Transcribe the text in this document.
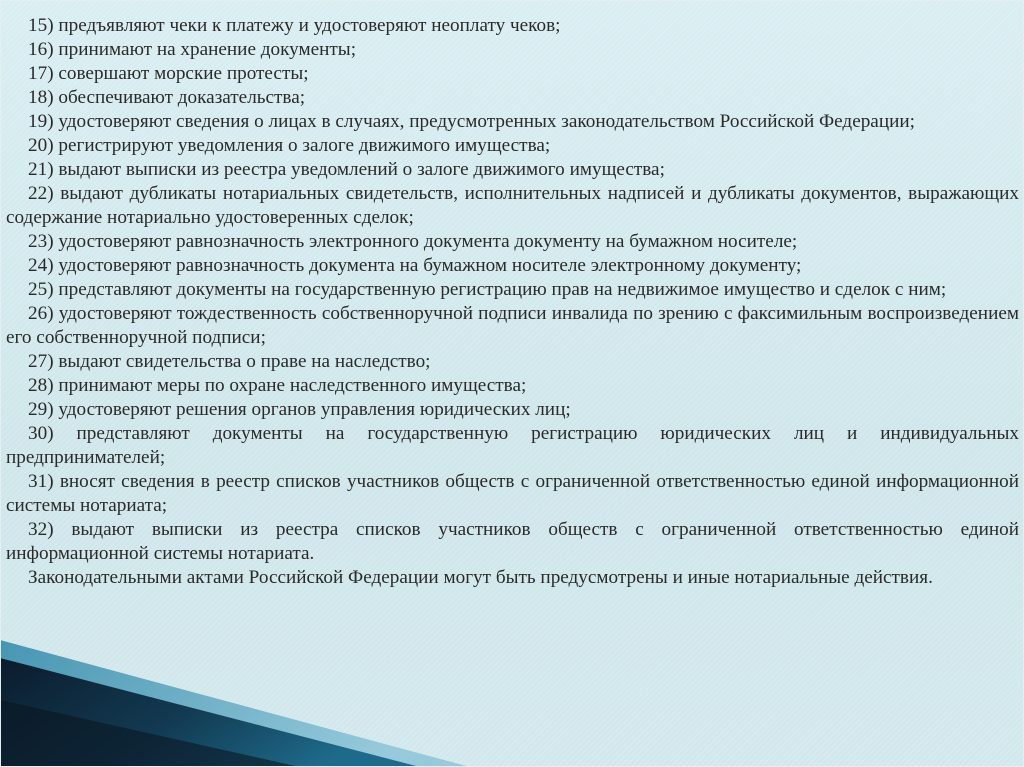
15) предъявляют чеки к платежу и удостоверяют неоплату чеков;

16) принимают на хранение документы;

17) совершают морские протесты;

18) обеспечивают доказательства;

19) удостоверяют сведения о лицах в случаях, предусмотренных законодательством Российской Федерации;

20) регистрируют уведомления о залоге движимого имущества;

21) выдают выписки из реестра уведомлений о залоге движимого имущества;

22) выдают дубликаты нотариальных свидетельств, исполнительных надписей и дубликаты документов, выражающих содержание нотариально удостоверенных сделок;

23) удостоверяют равнозначность электронного документа документу на бумажном носителе;

24) удостоверяют равнозначность документа на бумажном носителе электронному документу;

25) представляют документы на государственную регистрацию прав на недвижимое имущество и сделок с ним;

26) удостоверяют тождественность собственноручной подписи инвалида по зрению с факсимильным воспроизведением его собственноручной подписи;

27) выдают свидетельства о праве на наследство;

28) принимают меры по охране наследственного имущества;

29) удостоверяют решения органов управления юридических лиц;

30) представляют документы на государственную регистрацию юридических лиц и индивидуальных предпринимателей;

31) вносят сведения в реестр списков участников обществ с ограниченной ответственностью единой информационной системы нотариата;

32) выдают выписки из реестра списков участников обществ с ограниченной ответственностью единой информационной системы нотариата.

Законодательными актами Российской Федерации могут быть предусмотрены и иные нотариальные действия.
